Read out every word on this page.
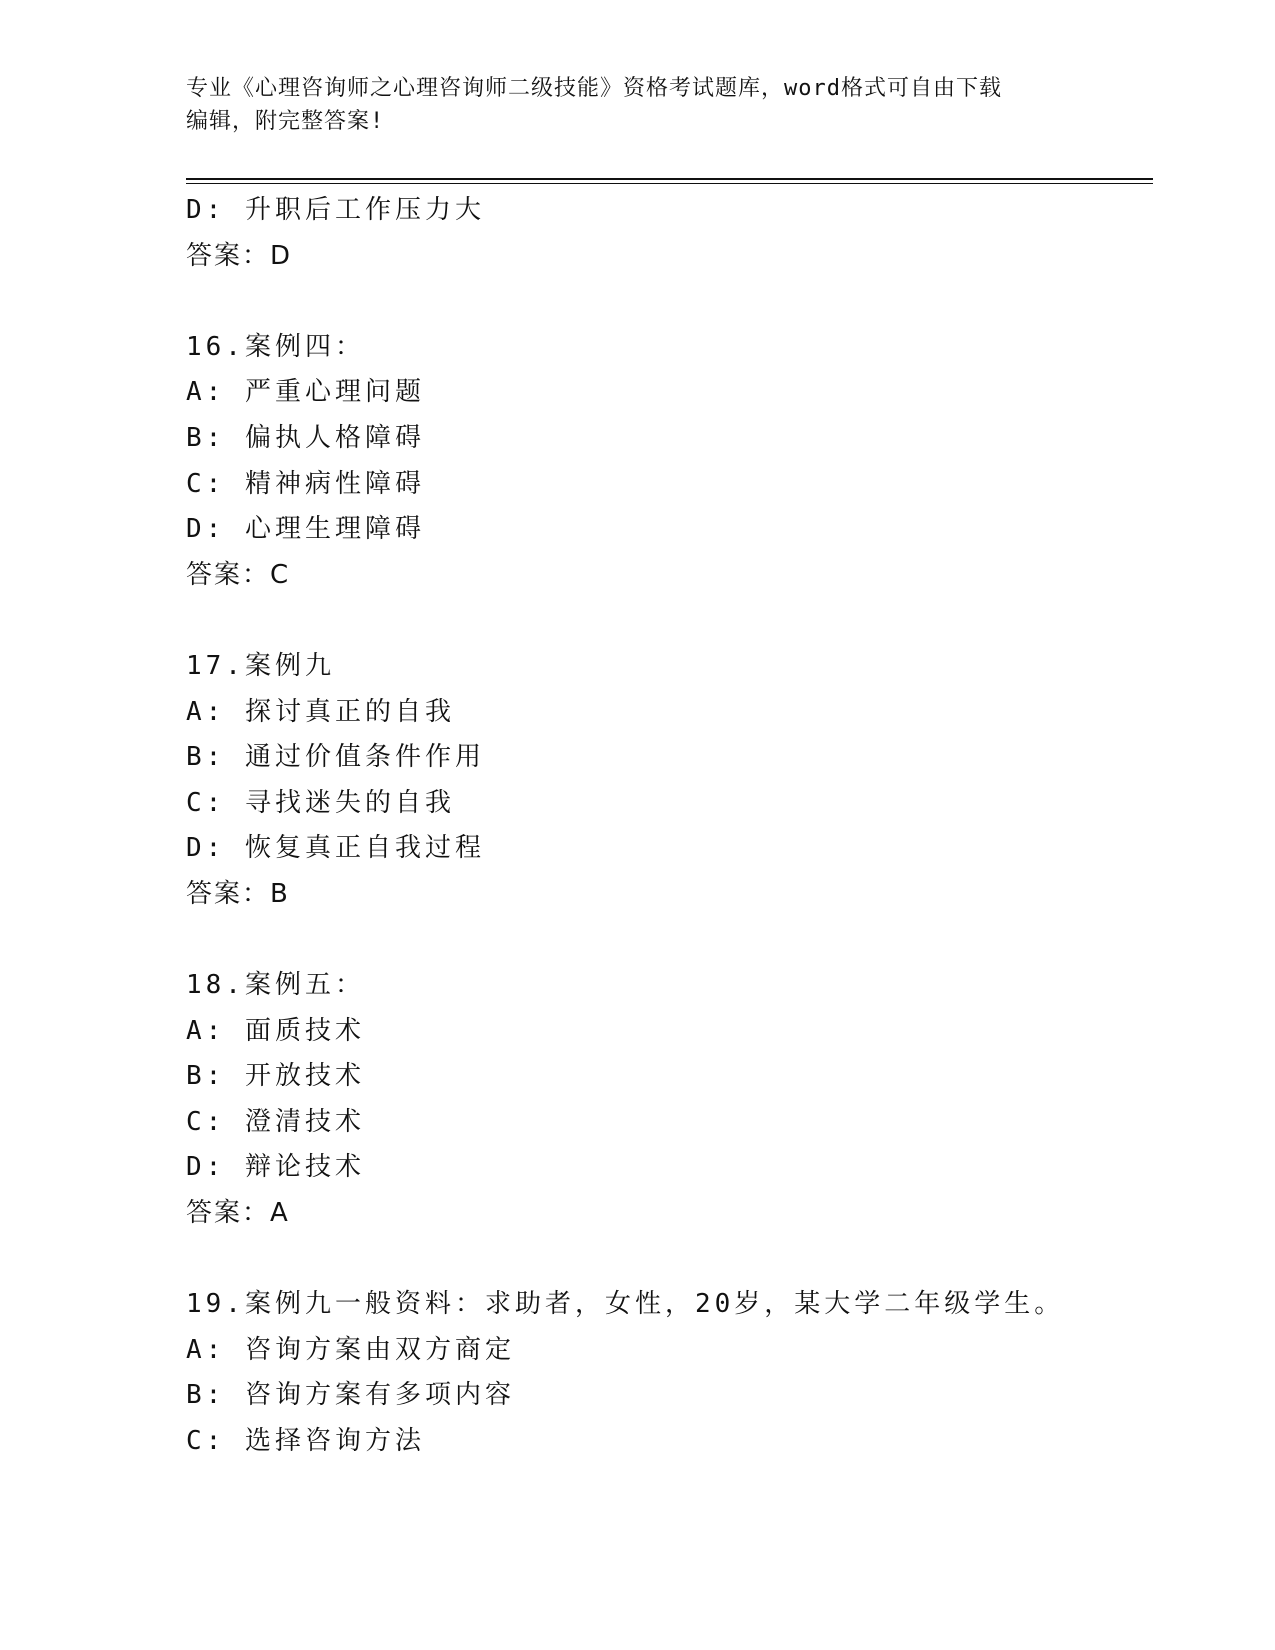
专业《心理咨询师之心理咨询师二级技能》资格考试题库，word格式可自由下载
编辑，附完整答案!
D: 升职后工作压力大
答案：D
16.案例四：
A: 严重心理问题
B: 偏执人格障碍
C: 精神病性障碍
D: 心理生理障碍
答案：C
17.案例九
A: 探讨真正的自我
B: 通过价值条件作用
C: 寻找迷失的自我
D: 恢复真正自我过程
答案：B
18.案例五：
A: 面质技术
B: 开放技术
C: 澄清技术
D: 辩论技术
答案：A
19.案例九一般资料：求助者，女性，20岁，某大学二年级学生。
A: 咨询方案由双方商定
B: 咨询方案有多项内容
C: 选择咨询方法
